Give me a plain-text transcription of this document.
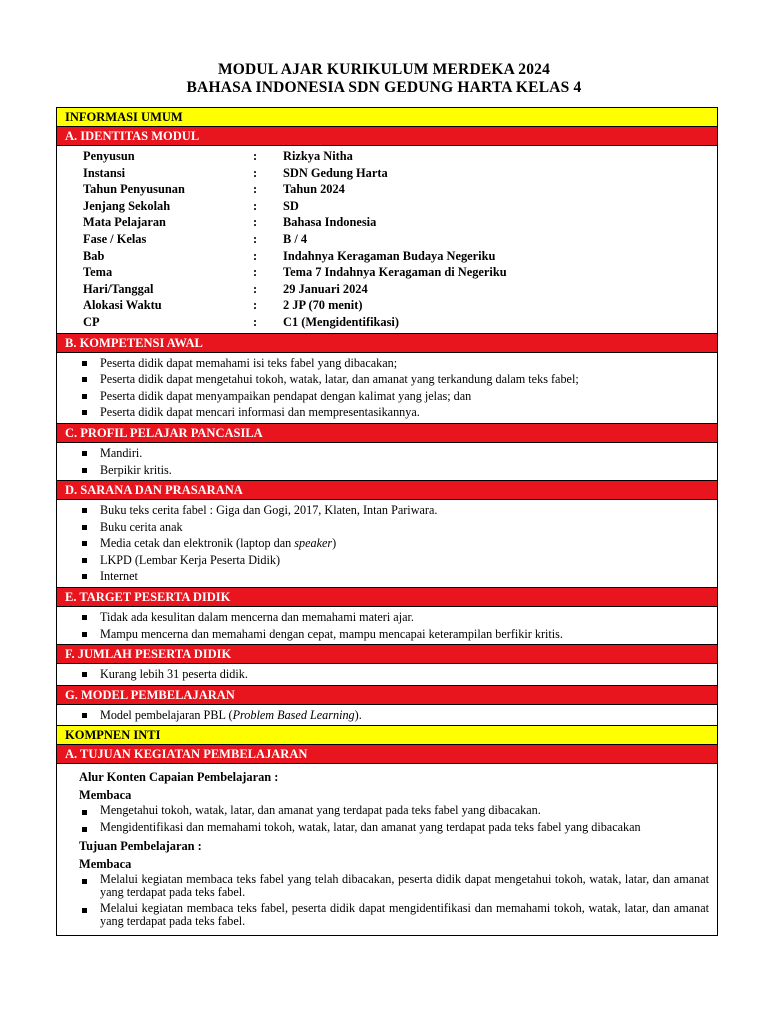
MODUL AJAR KURIKULUM MERDEKA 2024
BAHASA INDONESIA SDN GEDUNG HARTA KELAS 4
INFORMASI UMUM
A. IDENTITAS MODUL
Penyusun	:	Rizkya Nitha
Instansi	:	SDN Gedung Harta
Tahun Penyusunan	:	Tahun 2024
Jenjang Sekolah	:	SD
Mata Pelajaran	:	Bahasa Indonesia
Fase / Kelas	:	B / 4
Bab	:	Indahnya Keragaman Budaya Negeriku
Tema	:	Tema 7 Indahnya Keragaman di Negeriku
Hari/Tanggal	:	29 Januari 2024
Alokasi Waktu	:	2 JP (70 menit)
CP	:	C1 (Mengidentifikasi)
B. KOMPETENSI AWAL
Peserta didik dapat memahami isi teks fabel yang dibacakan;
Peserta didik dapat mengetahui tokoh, watak, latar, dan amanat yang terkandung dalam teks fabel;
Peserta didik dapat menyampaikan pendapat dengan kalimat yang jelas; dan
Peserta didik dapat mencari informasi dan mempresentasikannya.
C. PROFIL PELAJAR PANCASILA
Mandiri.
Berpikir kritis.
D. SARANA DAN PRASARANA
Buku teks cerita fabel : Giga dan Gogi, 2017, Klaten, Intan Pariwara.
Buku cerita anak
Media cetak dan elektronik (laptop dan speaker)
LKPD (Lembar Kerja Peserta Didik)
Internet
E. TARGET PESERTA DIDIK
Tidak ada kesulitan dalam mencerna dan memahami materi ajar.
Mampu mencerna dan memahami dengan cepat, mampu mencapai keterampilan berfikir kritis.
F. JUMLAH PESERTA DIDIK
Kurang lebih 31 peserta didik.
G. MODEL PEMBELAJARAN
Model pembelajaran PBL (Problem Based Learning).
KOMPNEN INTI
A. TUJUAN KEGIATAN PEMBELAJARAN
Alur Konten Capaian Pembelajaran :
Membaca
Mengetahui tokoh, watak, latar, dan amanat yang terdapat pada teks fabel yang dibacakan.
Mengidentifikasi dan memahami tokoh, watak, latar, dan amanat yang terdapat pada teks fabel yang dibacakan
Tujuan Pembelajaran :
Membaca
Melalui kegiatan membaca teks fabel yang telah dibacakan, peserta didik dapat mengetahui tokoh, watak, latar, dan amanat yang terdapat pada teks fabel.
Melalui kegiatan membaca teks fabel, peserta didik dapat mengidentifikasi dan memahami tokoh, watak, latar, dan amanat yang terdapat pada teks fabel.
